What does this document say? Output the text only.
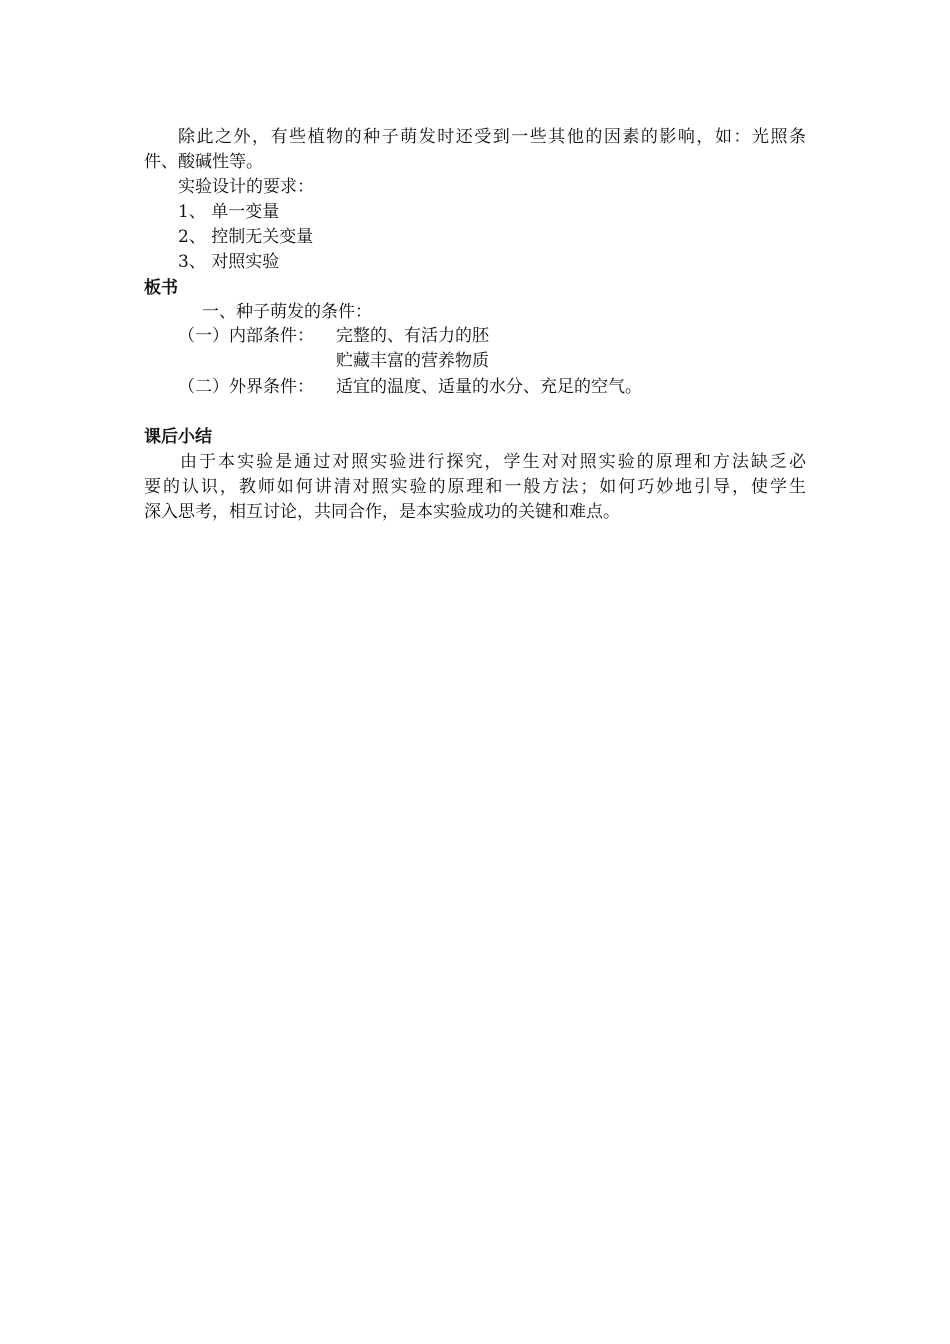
除此之外，有些植物的种子萌发时还受到一些其他的因素的影响，如：光照条
件、酸碱性等。
实验设计的要求：
1、 单一变量
2、 控制无关变量
3、 对照实验
板书
一、种子萌发的条件：
（一）内部条件： 完整的、有活力的胚
贮藏丰富的营养物质
（二）外界条件： 适宜的温度、适量的水分、充足的空气。
课后小结
由于本实验是通过对照实验进行探究，学生对对照实验的原理和方法缺乏必
要的认识，教师如何讲清对照实验的原理和一般方法；如何巧妙地引导，使学生
深入思考，相互讨论，共同合作，是本实验成功的关键和难点。
